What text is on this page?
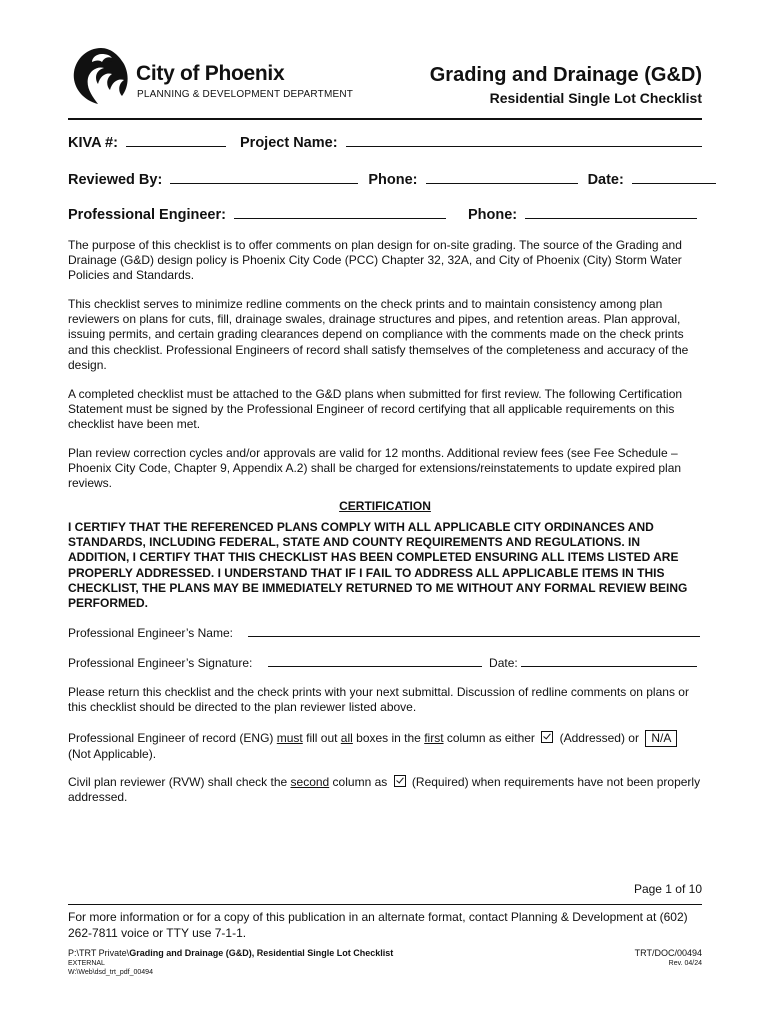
City of Phoenix
PLANNING & DEVELOPMENT DEPARTMENT
Grading and Drainage (G&D)
Residential Single Lot Checklist
KIVA #:	Project Name:
Reviewed By:	Phone:	Date:
Professional Engineer:	Phone:
The purpose of this checklist is to offer comments on plan design for on-site grading. The source of the Grading and Drainage (G&D) design policy is Phoenix City Code (PCC) Chapter 32, 32A, and City of Phoenix (City) Storm Water Policies and Standards.
This checklist serves to minimize redline comments on the check prints and to maintain consistency among plan reviewers on plans for cuts, fill, drainage swales, drainage structures and pipes, and retention areas. Plan approval, issuing permits, and certain grading clearances depend on compliance with the comments made on the check prints and this checklist. Professional Engineers of record shall satisfy themselves of the completeness and accuracy of the design.
A completed checklist must be attached to the G&D plans when submitted for first review. The following Certification Statement must be signed by the Professional Engineer of record certifying that all applicable requirements on this checklist have been met.
Plan review correction cycles and/or approvals are valid for 12 months. Additional review fees (see Fee Schedule – Phoenix City Code, Chapter 9, Appendix A.2) shall be charged for extensions/reinstatements to update expired plan reviews.
CERTIFICATION
I CERTIFY THAT THE REFERENCED PLANS COMPLY WITH ALL APPLICABLE CITY ORDINANCES AND STANDARDS, INCLUDING FEDERAL, STATE AND COUNTY REQUIREMENTS AND REGULATIONS. IN ADDITION, I CERTIFY THAT THIS CHECKLIST HAS BEEN COMPLETED ENSURING ALL ITEMS LISTED ARE PROPERLY ADDRESSED. I UNDERSTAND THAT IF I FAIL TO ADDRESS ALL APPLICABLE ITEMS IN THIS CHECKLIST, THE PLANS MAY BE IMMEDIATELY RETURNED TO ME WITHOUT ANY FORMAL REVIEW BEING PERFORMED.
Professional Engineer’s Name:
Professional Engineer’s Signature:	Date:
Please return this checklist and the check prints with your next submittal. Discussion of redline comments on plans or this checklist should be directed to the plan reviewer listed above.
Professional Engineer of record (ENG) must fill out all boxes in the first column as either  (Addressed) or N/A
(Not Applicable).
Civil plan reviewer (RVW) shall check the second column as  (Required) when requirements have not been properly addressed.
Page 1 of 10
For more information or for a copy of this publication in an alternate format, contact Planning & Development at (602) 262-7811 voice or TTY use 7-1-1.
P:\TRT Private\Grading and Drainage (G&D), Residential Single Lot Checklist
EXTERNAL
W:\Web\dsd_trt_pdf_00494
TRT/DOC/00494
Rev. 04/24
